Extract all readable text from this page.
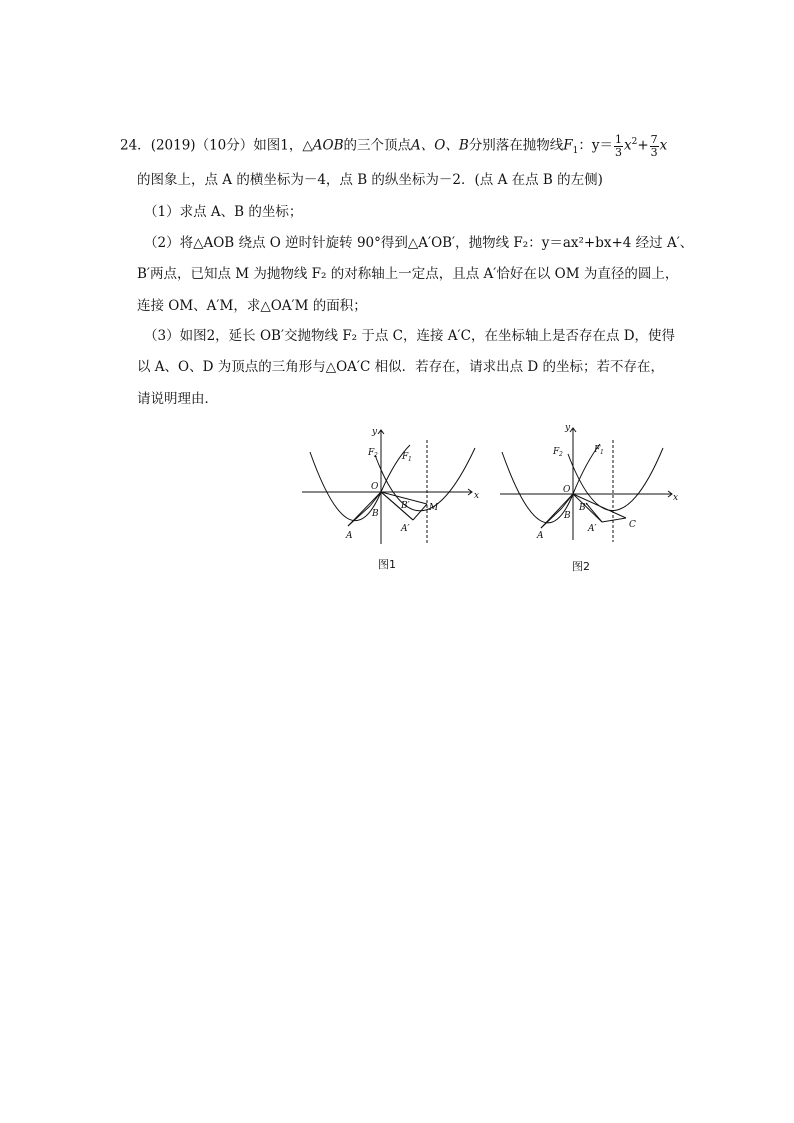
24．(2019)（10分）如图1，△AOB的三个顶点A、O、B分别落在抛物线$F_1$：$y= \frac{1}{3} x^2+ \frac{7}{3}$ x
的图象上，点 A 的横坐标为－4，点 B 的纵坐标为－2．(点 A 在点 B 的左侧)
（1）求点 A、B 的坐标；
（2）将△AOB 绕点 O 逆时针旋转 90°得到△A′OB′，抛物线 F₂：y＝ax²+bx+4 经过 A′、
B′两点，已知点 M 为抛物线 F₂ 的对称轴上一定点，且点 A′恰好在以 OM 为直径的圆上，
连接 OM、A′M，求△OA′M 的面积；
（3）如图2，延长 OB′交抛物线 F₂ 于点 C，连接 A′C，在坐标轴上是否存在点 D，使得
以 A、O、D 为顶点的三角形与△OA′C 相似．若存在，请求出点 D 的坐标；若不存在，
请说明理由．
y
x
O
F 1
F 2
A
B
B′
A′
M
图1
y
x
O
F 1
F 2
A
B
B′
A′	C
图2
